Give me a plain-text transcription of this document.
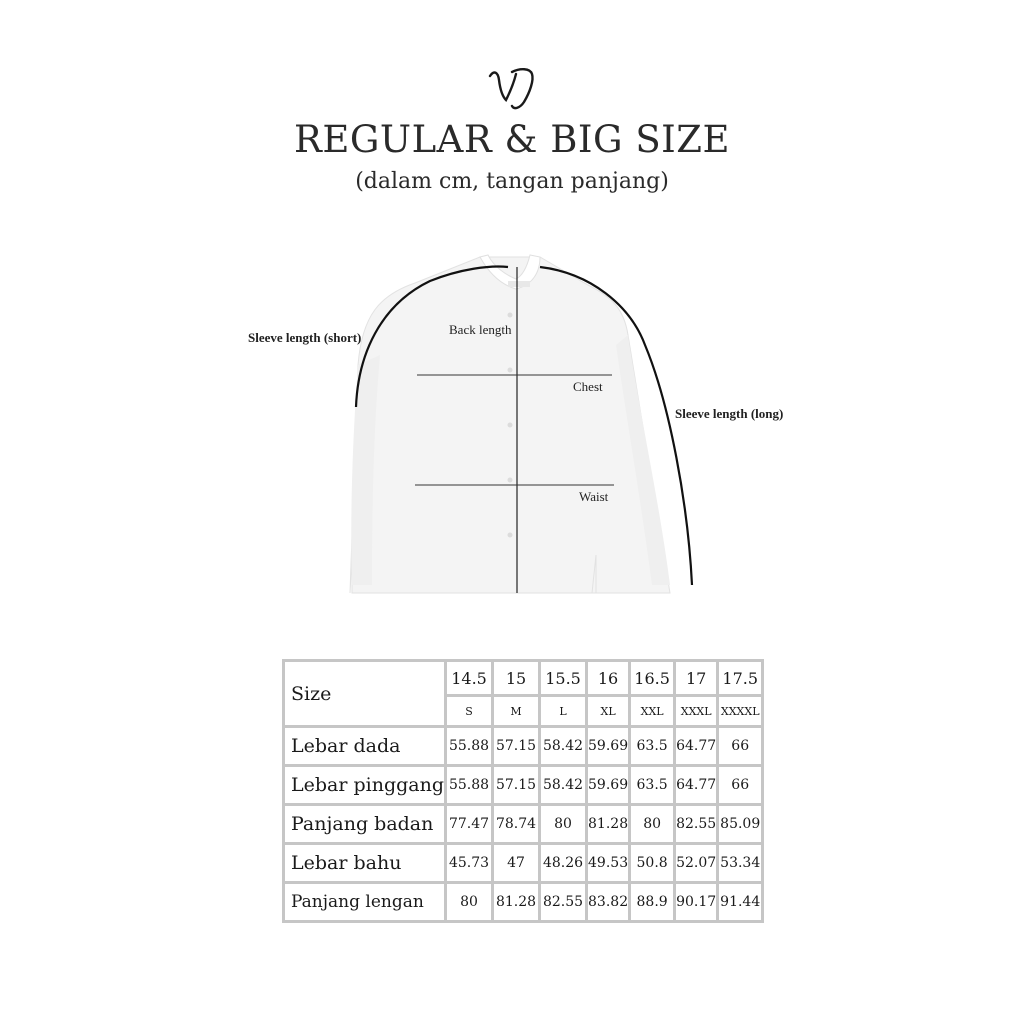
REGULAR & BIG SIZE
(dalam cm, tangan panjang)
Sleeve length (short)
Back length
Chest
Sleeve length (long)
Waist
Size	14.5	15	15.5	16	16.5	17	17.5
	S	M	L	XL	XXL	XXXL	XXXXL
Lebar dada	55.88	57.15	58.42	59.69	63.5	64.77	66
Lebar pinggang	55.88	57.15	58.42	59.69	63.5	64.77	66
Panjang badan	77.47	78.74	80	81.28	80	82.55	85.09
Lebar bahu	45.73	47	48.26	49.53	50.8	52.07	53.34
Panjang lengan	80	81.28	82.55	83.82	88.9	90.17	91.44
